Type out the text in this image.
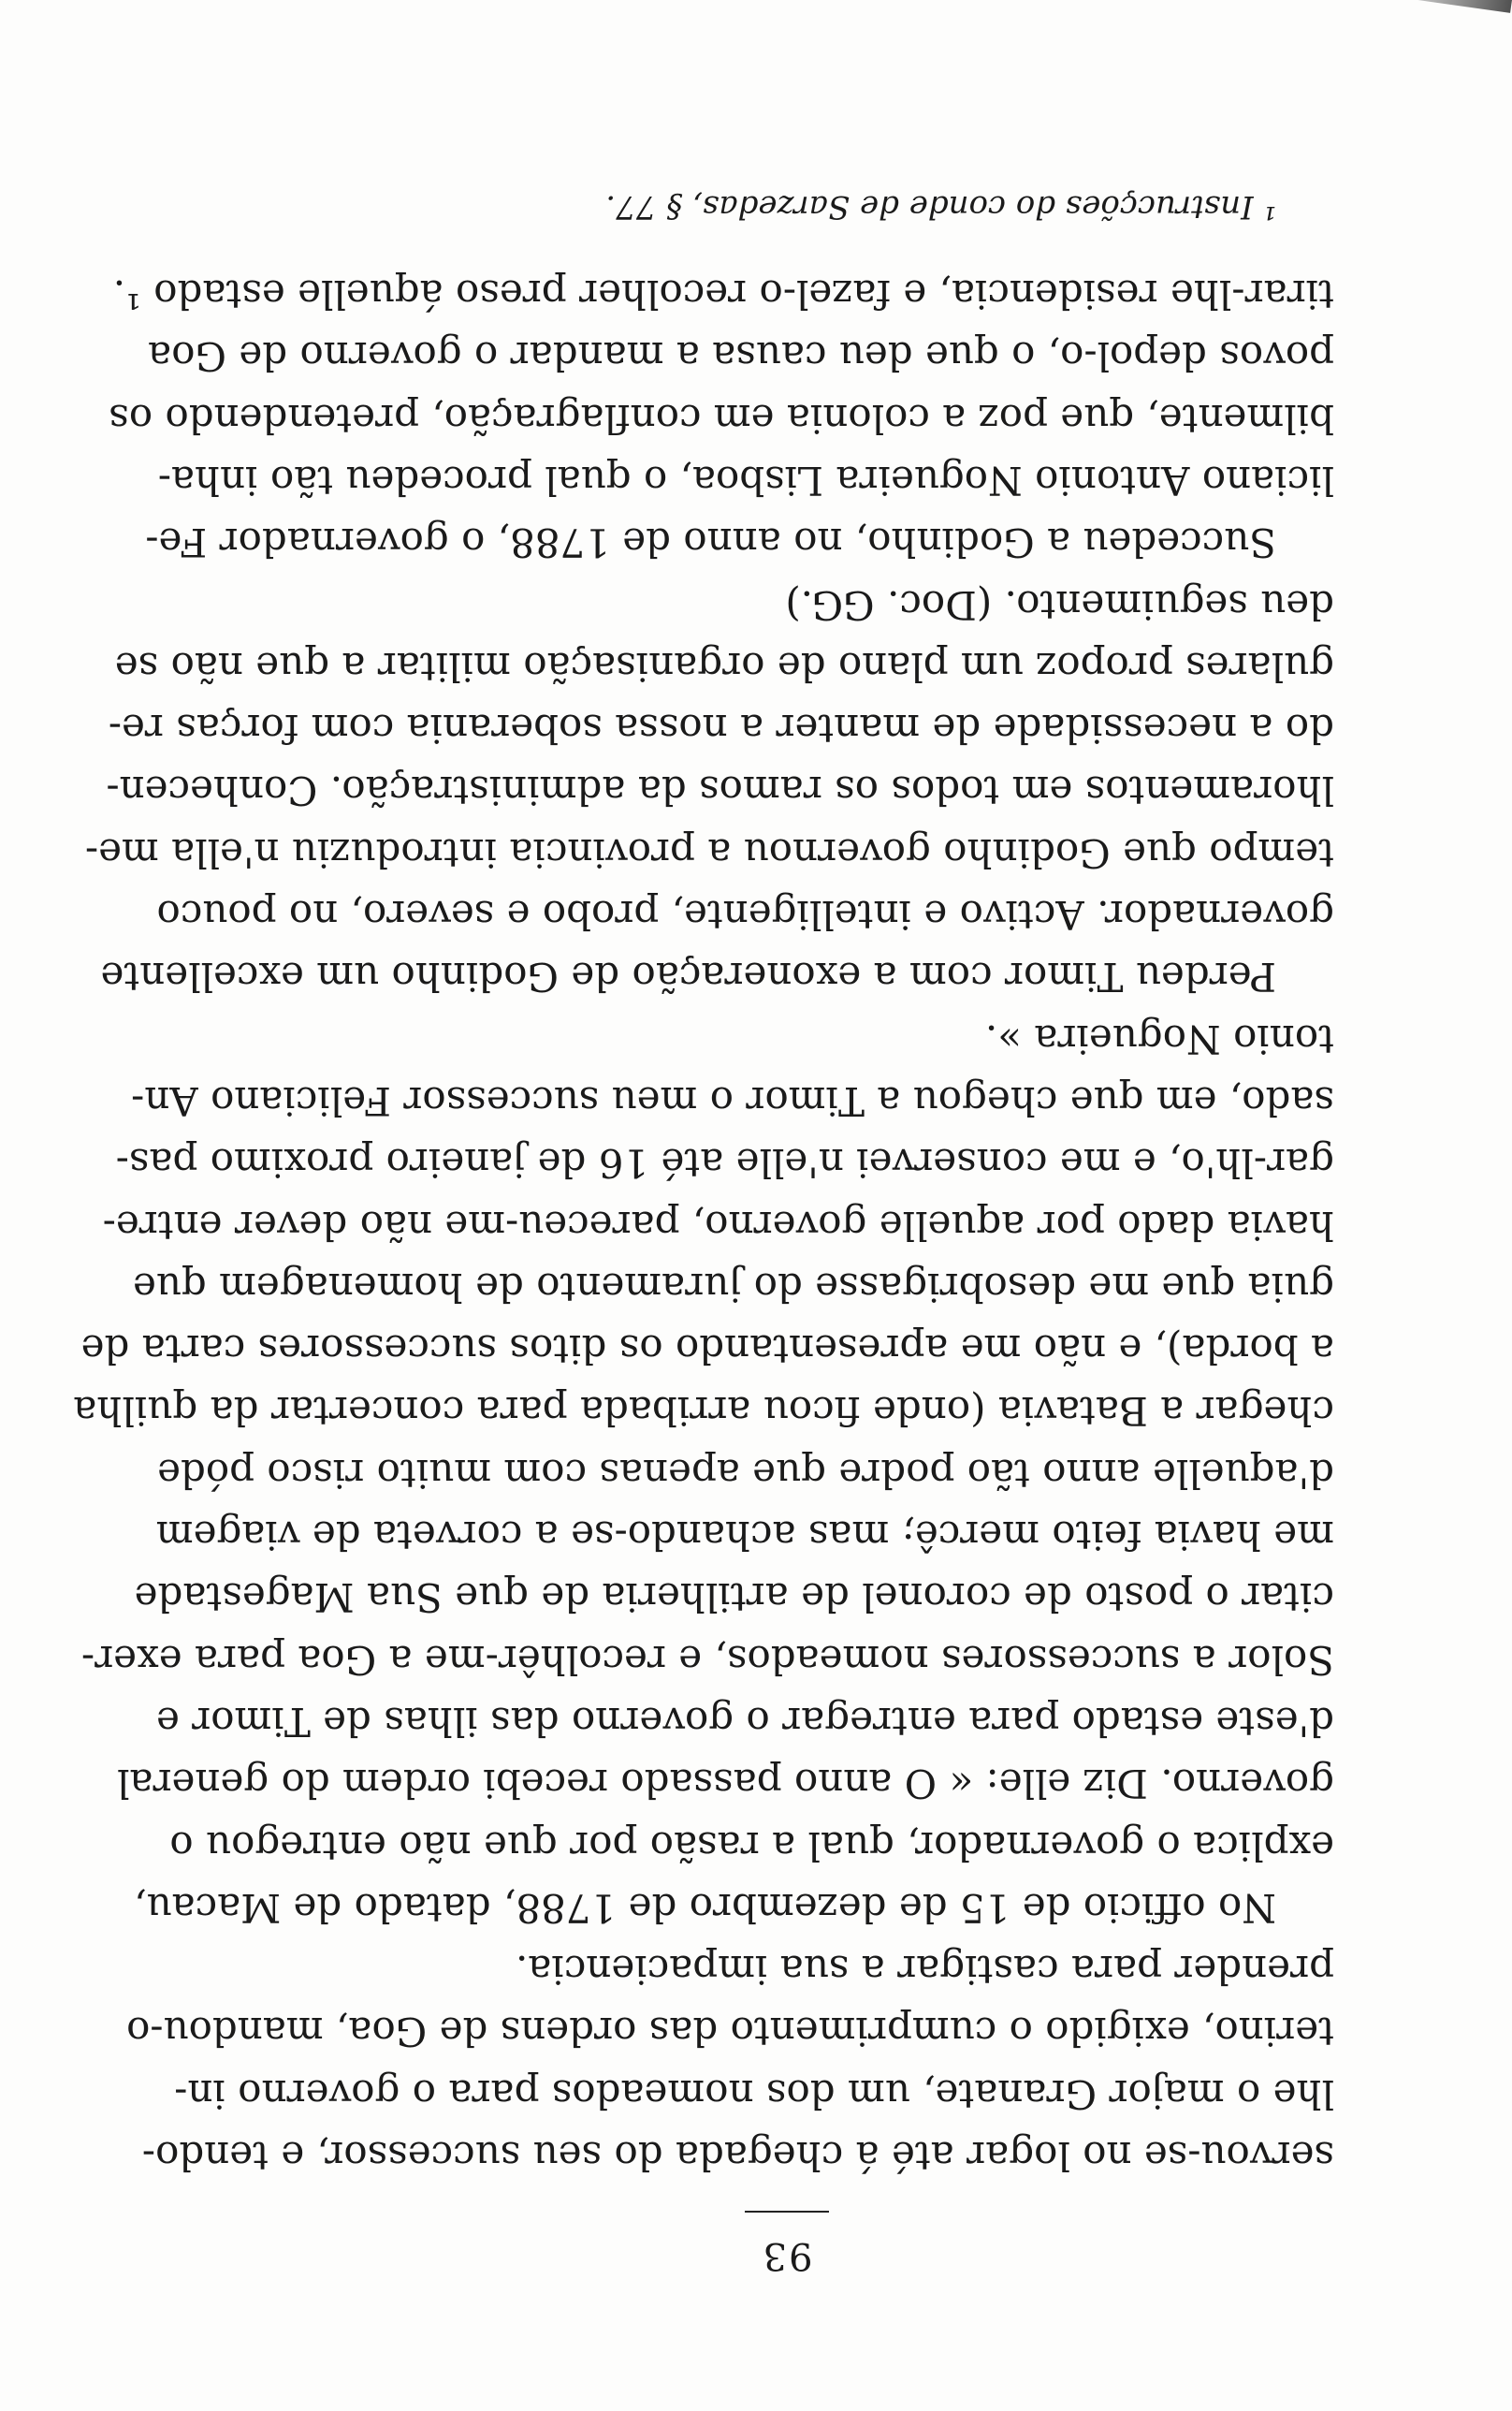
93

servou-se no logar até á chegada do seu successor, e tendo-
lhe o major Granate, um dos nomeados para o governo in-
terino, exigido o cumprimento das ordens de Goa, mandou-o
prender para castigar a sua impaciencia.
No officio de 15 de dezembro de 1788, datado de Macau,
explica o governador, qual a rasão por que não entregou o
governo. Diz elle: « O anno passado recebi ordem do general
d'este estado para entregar o governo das ilhas de Timor e
Solor a successores nomeados, e recolhêr-me a Goa para exer-
citar o posto de coronel de artilheria de que Sua Magestade
me havia feito mercê; mas achando-se a corveta de viagem
d'aquelle anno tão podre que apenas com muito risco póde
chegar a Batavia (onde ficou arribada para concertar da quilha
a borda), e não me apresentando os ditos successores carta de
guia que me desobrigasse do juramento de homenagem que
havia dado por aquelle governo, pareceu-me não dever entre-
gar-lh'o, e me conservei n'elle até 16 de janeiro proximo pas-
sado, em que chegou a Timor o meu successor Feliciano An-
tonio Nogueira ».
Perdeu Timor com a exoneração de Godinho um excellente
governador. Activo e intelligente, probo e severo, no pouco
tempo que Godinho governou a provincia introduziu n'ella me-
lhoramentos em todos os ramos da administração. Conhecen-
do a necessidade de manter a nossa soberania com forças re-
gulares propoz um plano de organisação militar a que não se
deu seguimento. (Doc. GG.)
Succedeu a Godinho, no anno de 1788, o governador Fe-
liciano Antonio Nogueira Lisboa, o qual procedeu tão inha-
bilmente, que poz a colonia em conflagração, pretendendo os
povos depol-o, o que deu causa a mandar o governo de Goa
tirar-lhe residencia, e fazel-o recolher preso áquelle estado ¹.
¹ Instrucções do conde de Sarzedas, § 77.
